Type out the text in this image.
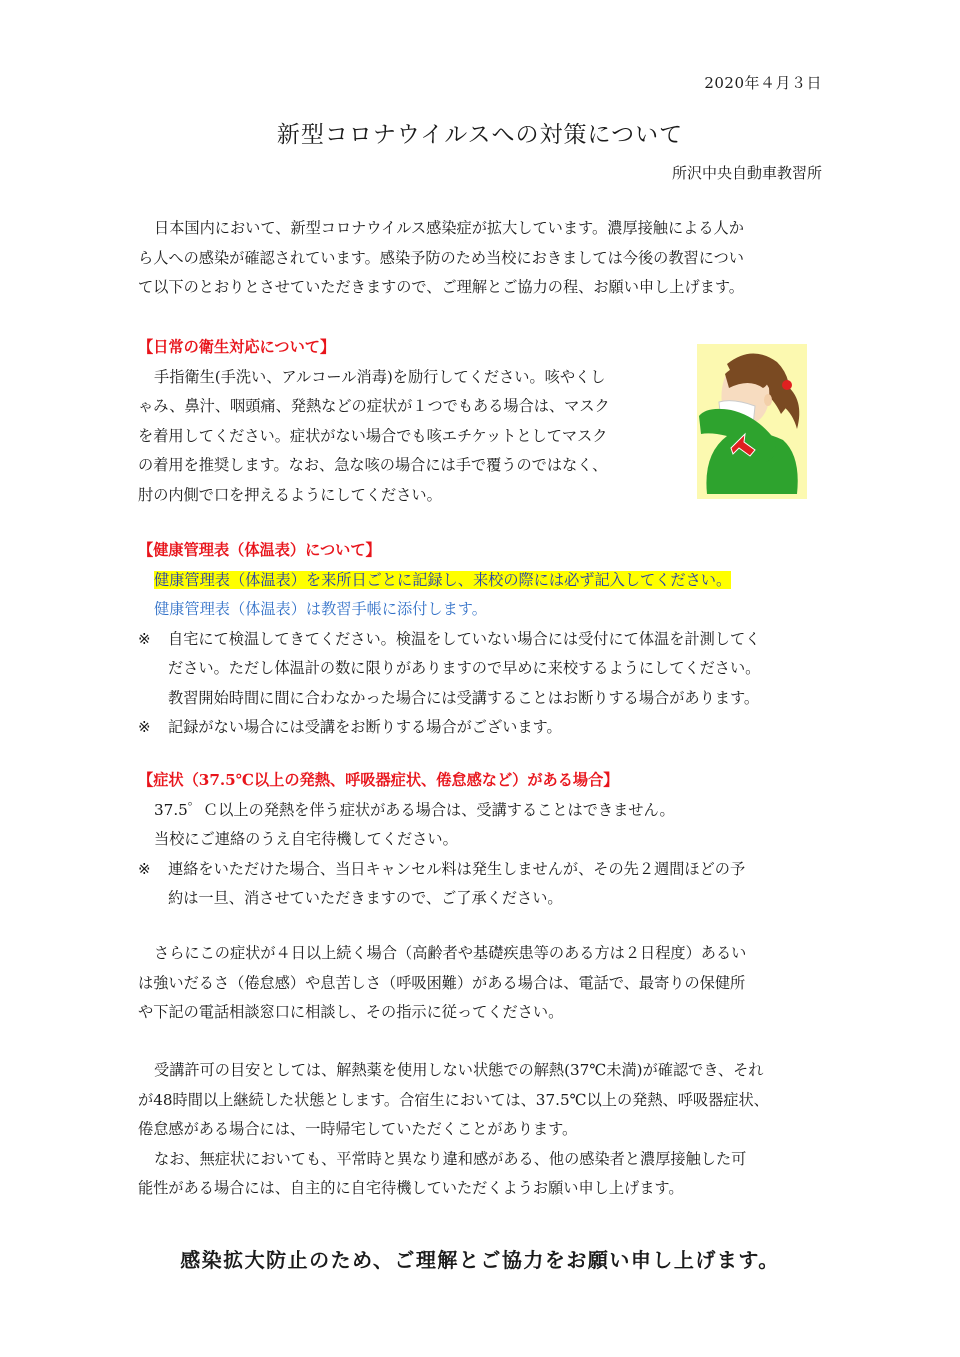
2020年４月３日
新型コロナウイルスへの対策について
所沢中央自動車教習所
日本国内において、新型コロナウイルス感染症が拡大しています。濃厚接触による人か
ら人への感染が確認されています。感染予防のため当校におきましては今後の教習につい
て以下のとおりとさせていただきますので、ご理解とご協力の程、お願い申し上げます。
【日常の衛生対応について】
手指衛生(手洗い、アルコール消毒)を励行してください。咳やくし
ゃみ、鼻汁、咽頭痛、発熱などの症状が１つでもある場合は、マスク
を着用してください。症状がない場合でも咳エチケットとしてマスク
の着用を推奨します。なお、急な咳の場合には手で覆うのではなく、
肘の内側で口を押えるようにしてください。
【健康管理表（体温表）について】
健康管理表（体温表）を来所日ごとに記録し、来校の際には必ず記入してください。
健康管理表（体温表）は教習手帳に添付します。
※ 自宅にて検温してきてください。検温をしていない場合には受付にて体温を計測してく
ださい。ただし体温計の数に限りがありますので早めに来校するようにしてください。
教習開始時間に間に合わなかった場合には受講することはお断りする場合があります。
※ 記録がない場合には受講をお断りする場合がございます。
【症状（37.5℃以上の発熱、呼吸器症状、倦怠感など）がある場合】
37.5゜Ｃ以上の発熱を伴う症状がある場合は、受講することはできません。
当校にご連絡のうえ自宅待機してください。
※ 連絡をいただけた場合、当日キャンセル料は発生しませんが、その先２週間ほどの予
約は一旦、消させていただきますので、ご了承ください。
さらにこの症状が４日以上続く場合（高齢者や基礎疾患等のある方は２日程度）あるい
は強いだるさ（倦怠感）や息苦しさ（呼吸困難）がある場合は、電話で、最寄りの保健所
や下記の電話相談窓口に相談し、その指示に従ってください。
受講許可の目安としては、解熱薬を使用しない状態での解熱(37℃未満)が確認でき、それ
が48時間以上継続した状態とします。合宿生においては、37.5℃以上の発熱、呼吸器症状、
倦怠感がある場合には、一時帰宅していただくことがあります。
なお、無症状においても、平常時と異なり違和感がある、他の感染者と濃厚接触した可
能性がある場合には、自主的に自宅待機していただくようお願い申し上げます。
感染拡大防止のため、ご理解とご協力をお願い申し上げます。
